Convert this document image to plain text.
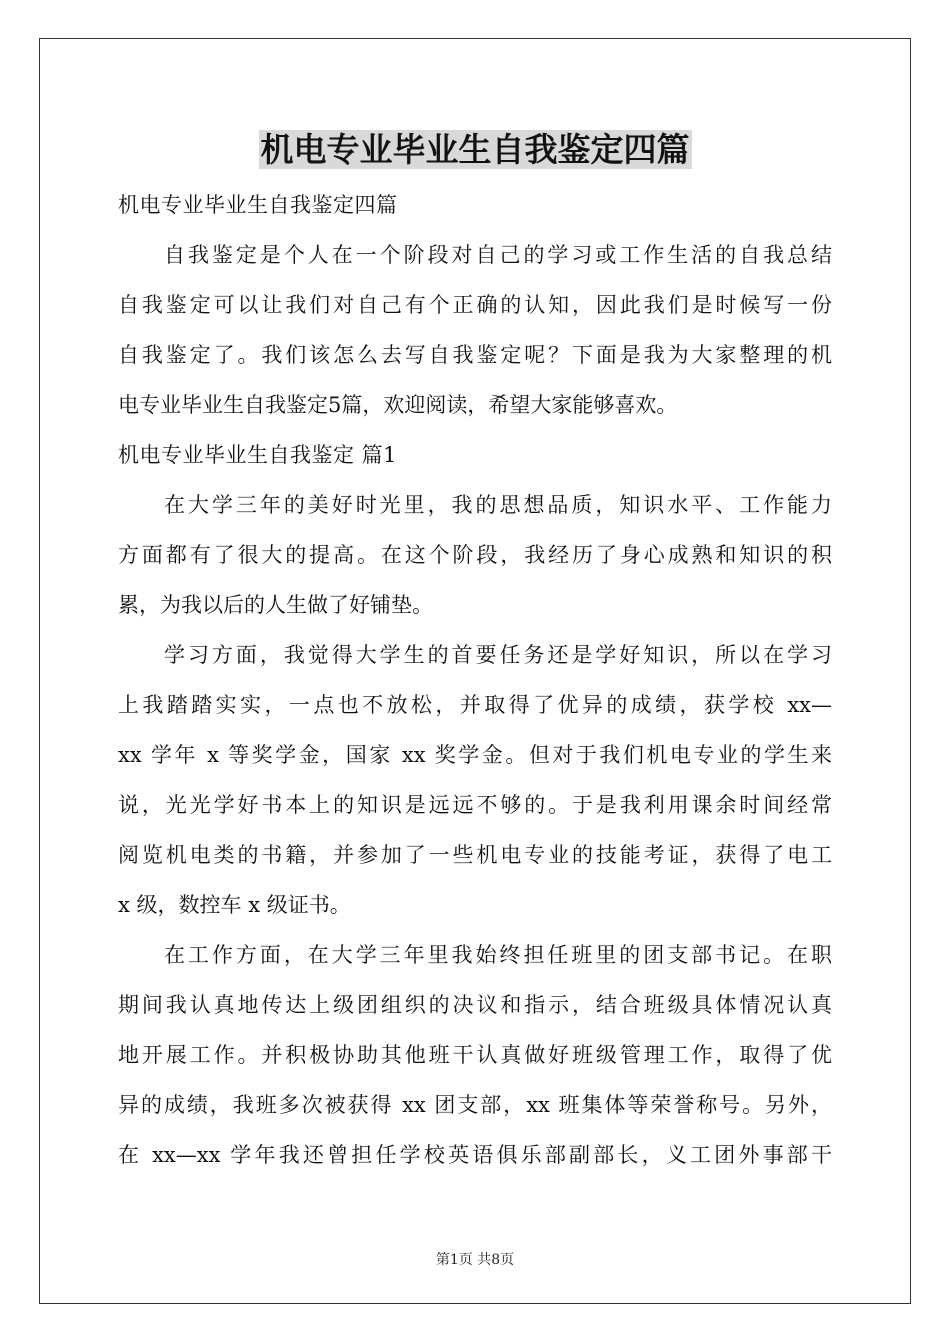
机电专业毕业生自我鉴定四篇
机电专业毕业生自我鉴定四篇
自我鉴定是个人在一个阶段对自己的学习或工作生活的自我总结
自我鉴定可以让我们对自己有个正确的认知，因此我们是时候写一份
自我鉴定了。我们该怎么去写自我鉴定呢？下面是我为大家整理的机
电专业毕业生自我鉴定5篇，欢迎阅读，希望大家能够喜欢。
机电专业毕业生自我鉴定 篇1
在大学三年的美好时光里，我的思想品质，知识水平、工作能力
方面都有了很大的提高。在这个阶段，我经历了身心成熟和知识的积
累，为我以后的人生做了好铺垫。
学习方面，我觉得大学生的首要任务还是学好知识，所以在学习
上我踏踏实实，一点也不放松，并取得了优异的成绩，获学校 xx—
xx 学年 x 等奖学金，国家 xx 奖学金。但对于我们机电专业的学生来
说，光光学好书本上的知识是远远不够的。于是我利用课余时间经常
阅览机电类的书籍，并参加了一些机电专业的技能考证，获得了电工
x 级，数控车 x 级证书。
在工作方面，在大学三年里我始终担任班里的团支部书记。在职
期间我认真地传达上级团组织的决议和指示，结合班级具体情况认真
地开展工作。并积极协助其他班干认真做好班级管理工作，取得了优
异的成绩，我班多次被获得 xx 团支部，xx 班集体等荣誉称号。另外，
在 xx—xx 学年我还曾担任学校英语俱乐部副部长，义工团外事部干
第1页 共8页
